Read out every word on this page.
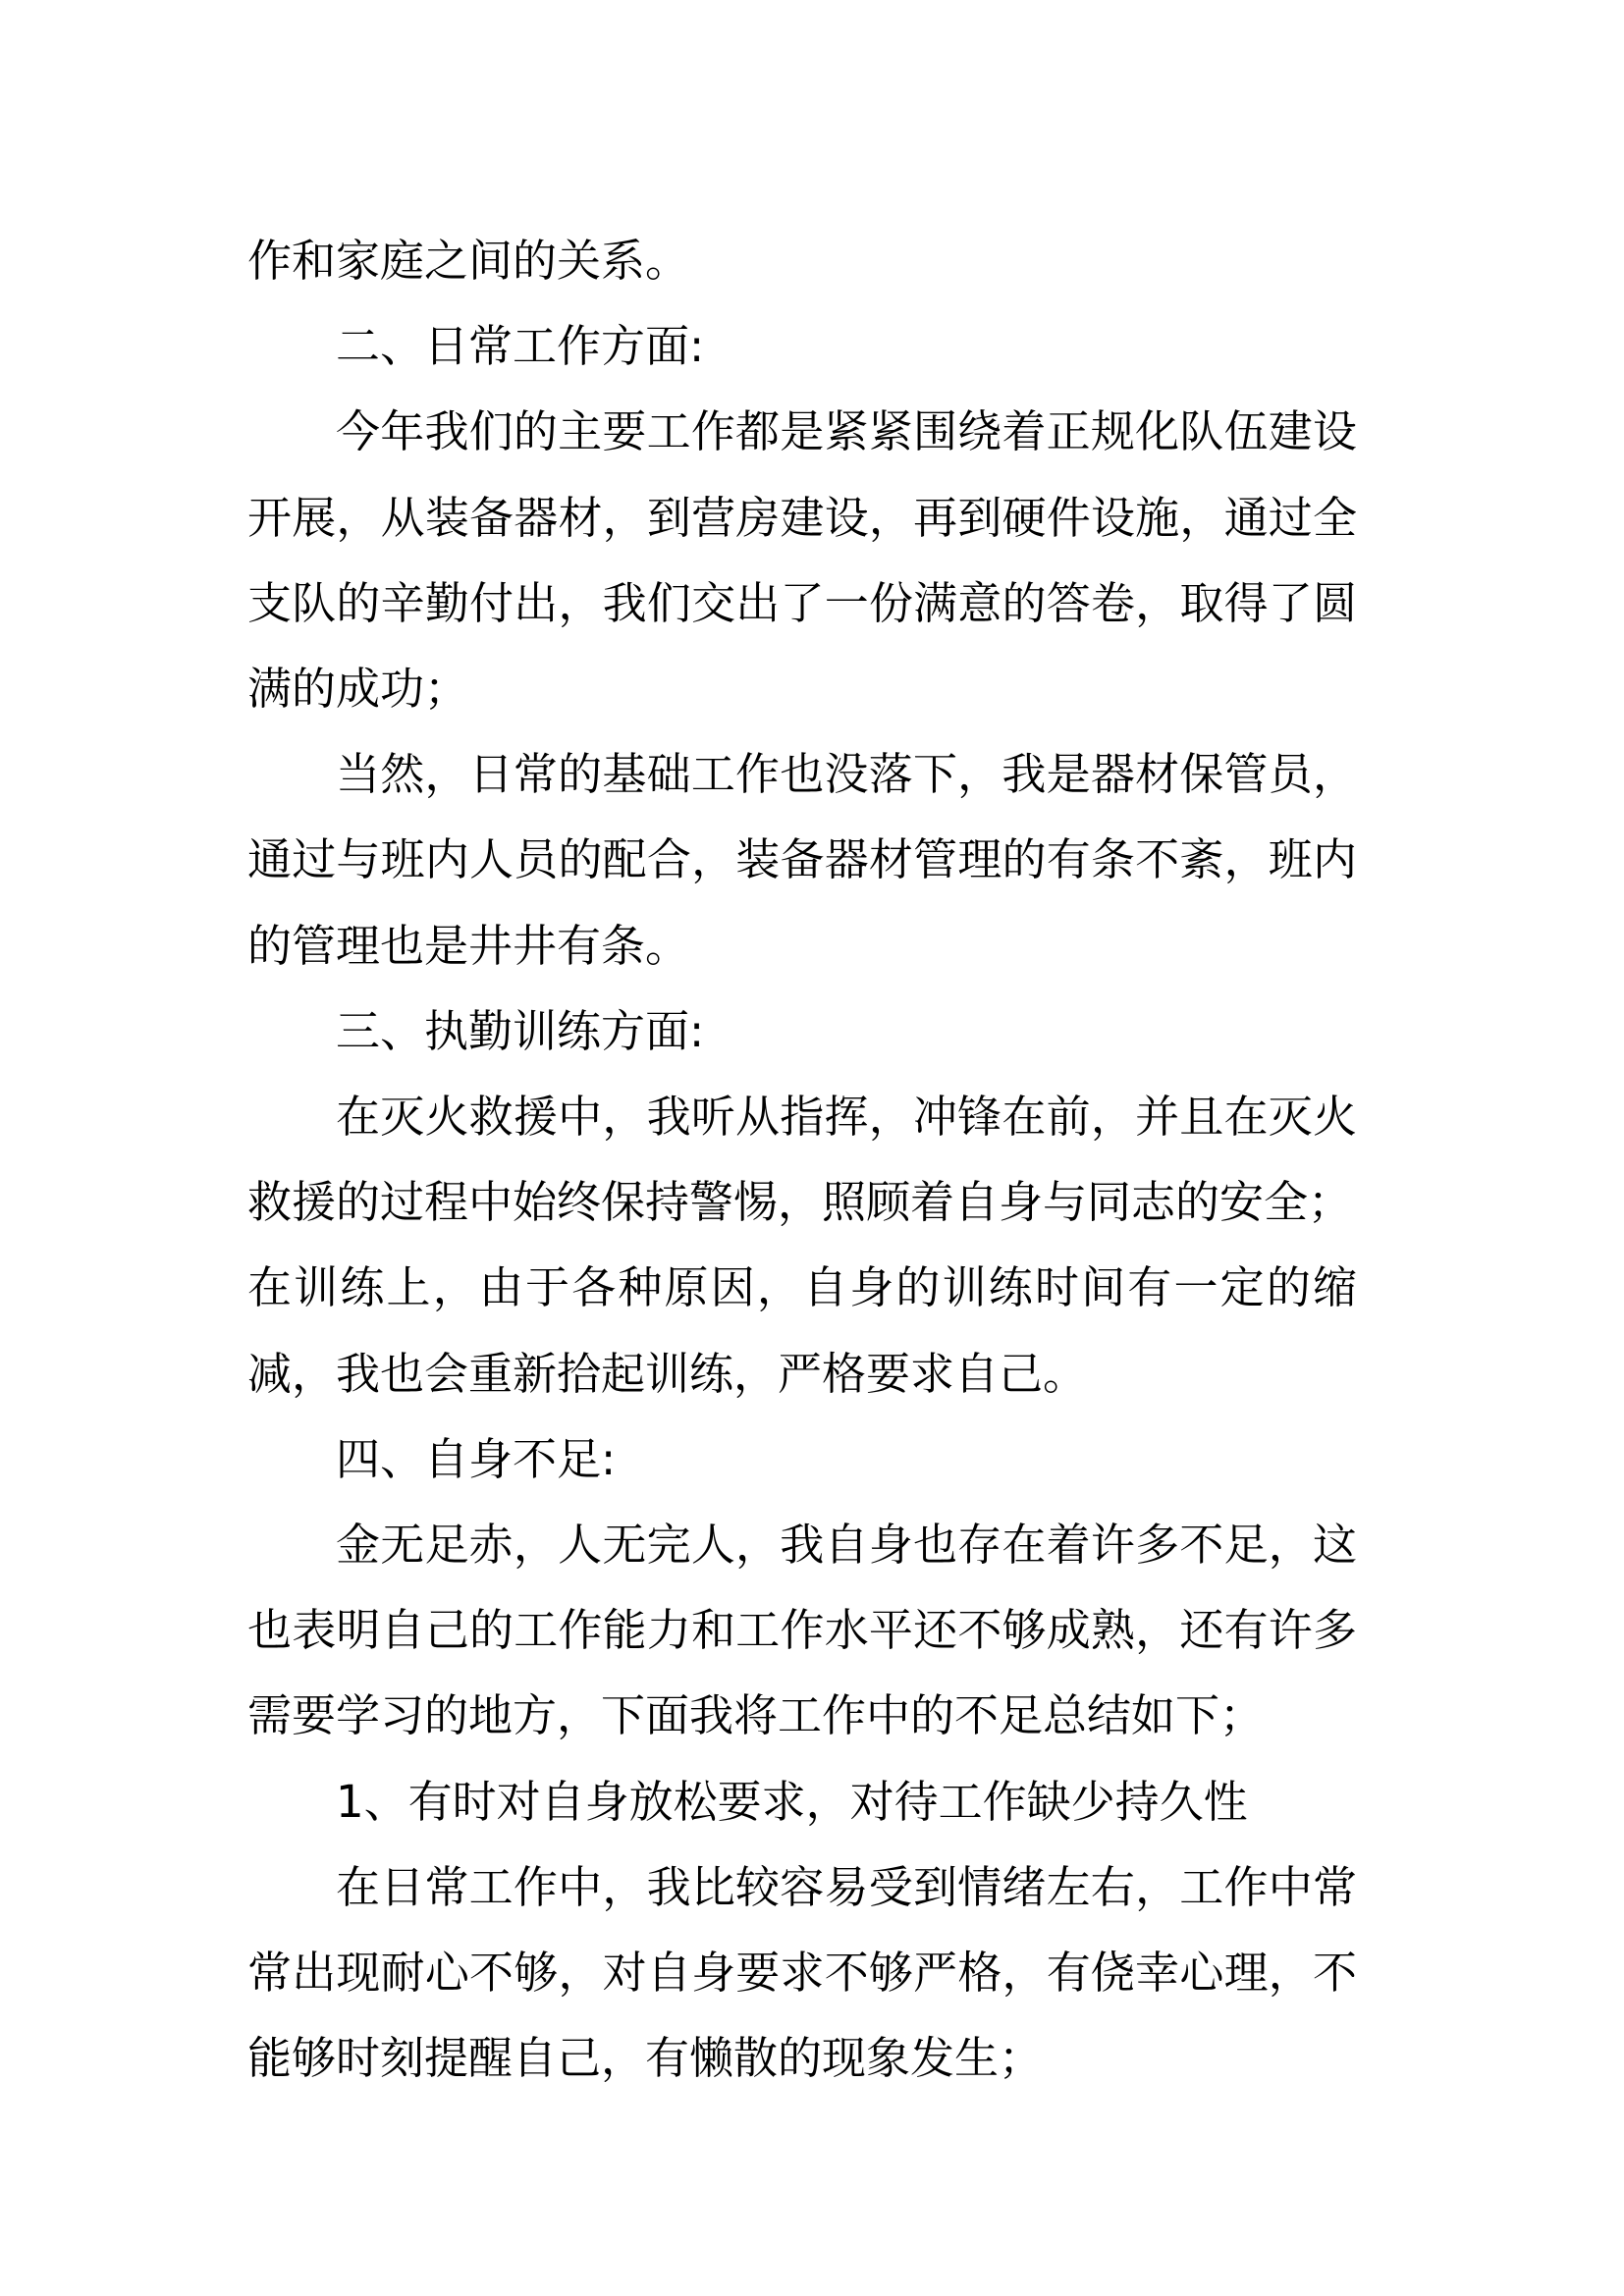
作和家庭之间的关系。

二、日常工作方面:

今年我们的主要工作都是紧紧围绕着正规化队伍建设开展，从装备器材，到营房建设，再到硬件设施，通过全支队的辛勤付出，我们交出了一份满意的答卷，取得了圆满的成功；

当然，日常的基础工作也没落下，我是器材保管员，通过与班内人员的配合，装备器材管理的有条不紊，班内的管理也是井井有条。

三、执勤训练方面:

在灭火救援中，我听从指挥，冲锋在前，并且在灭火救援的过程中始终保持警惕，照顾着自身与同志的安全；
在训练上，由于各种原因，自身的训练时间有一定的缩减，我也会重新拾起训练，严格要求自己。

四、自身不足:

金无足赤，人无完人，我自身也存在着许多不足，这也表明自己的工作能力和工作水平还不够成熟，还有许多需要学习的地方，下面我将工作中的不足总结如下；

1、有时对自身放松要求，对待工作缺少持久性

在日常工作中，我比较容易受到情绪左右，工作中常常出现耐心不够，对自身要求不够严格，有侥幸心理，不能够时刻提醒自己，有懒散的现象发生；
